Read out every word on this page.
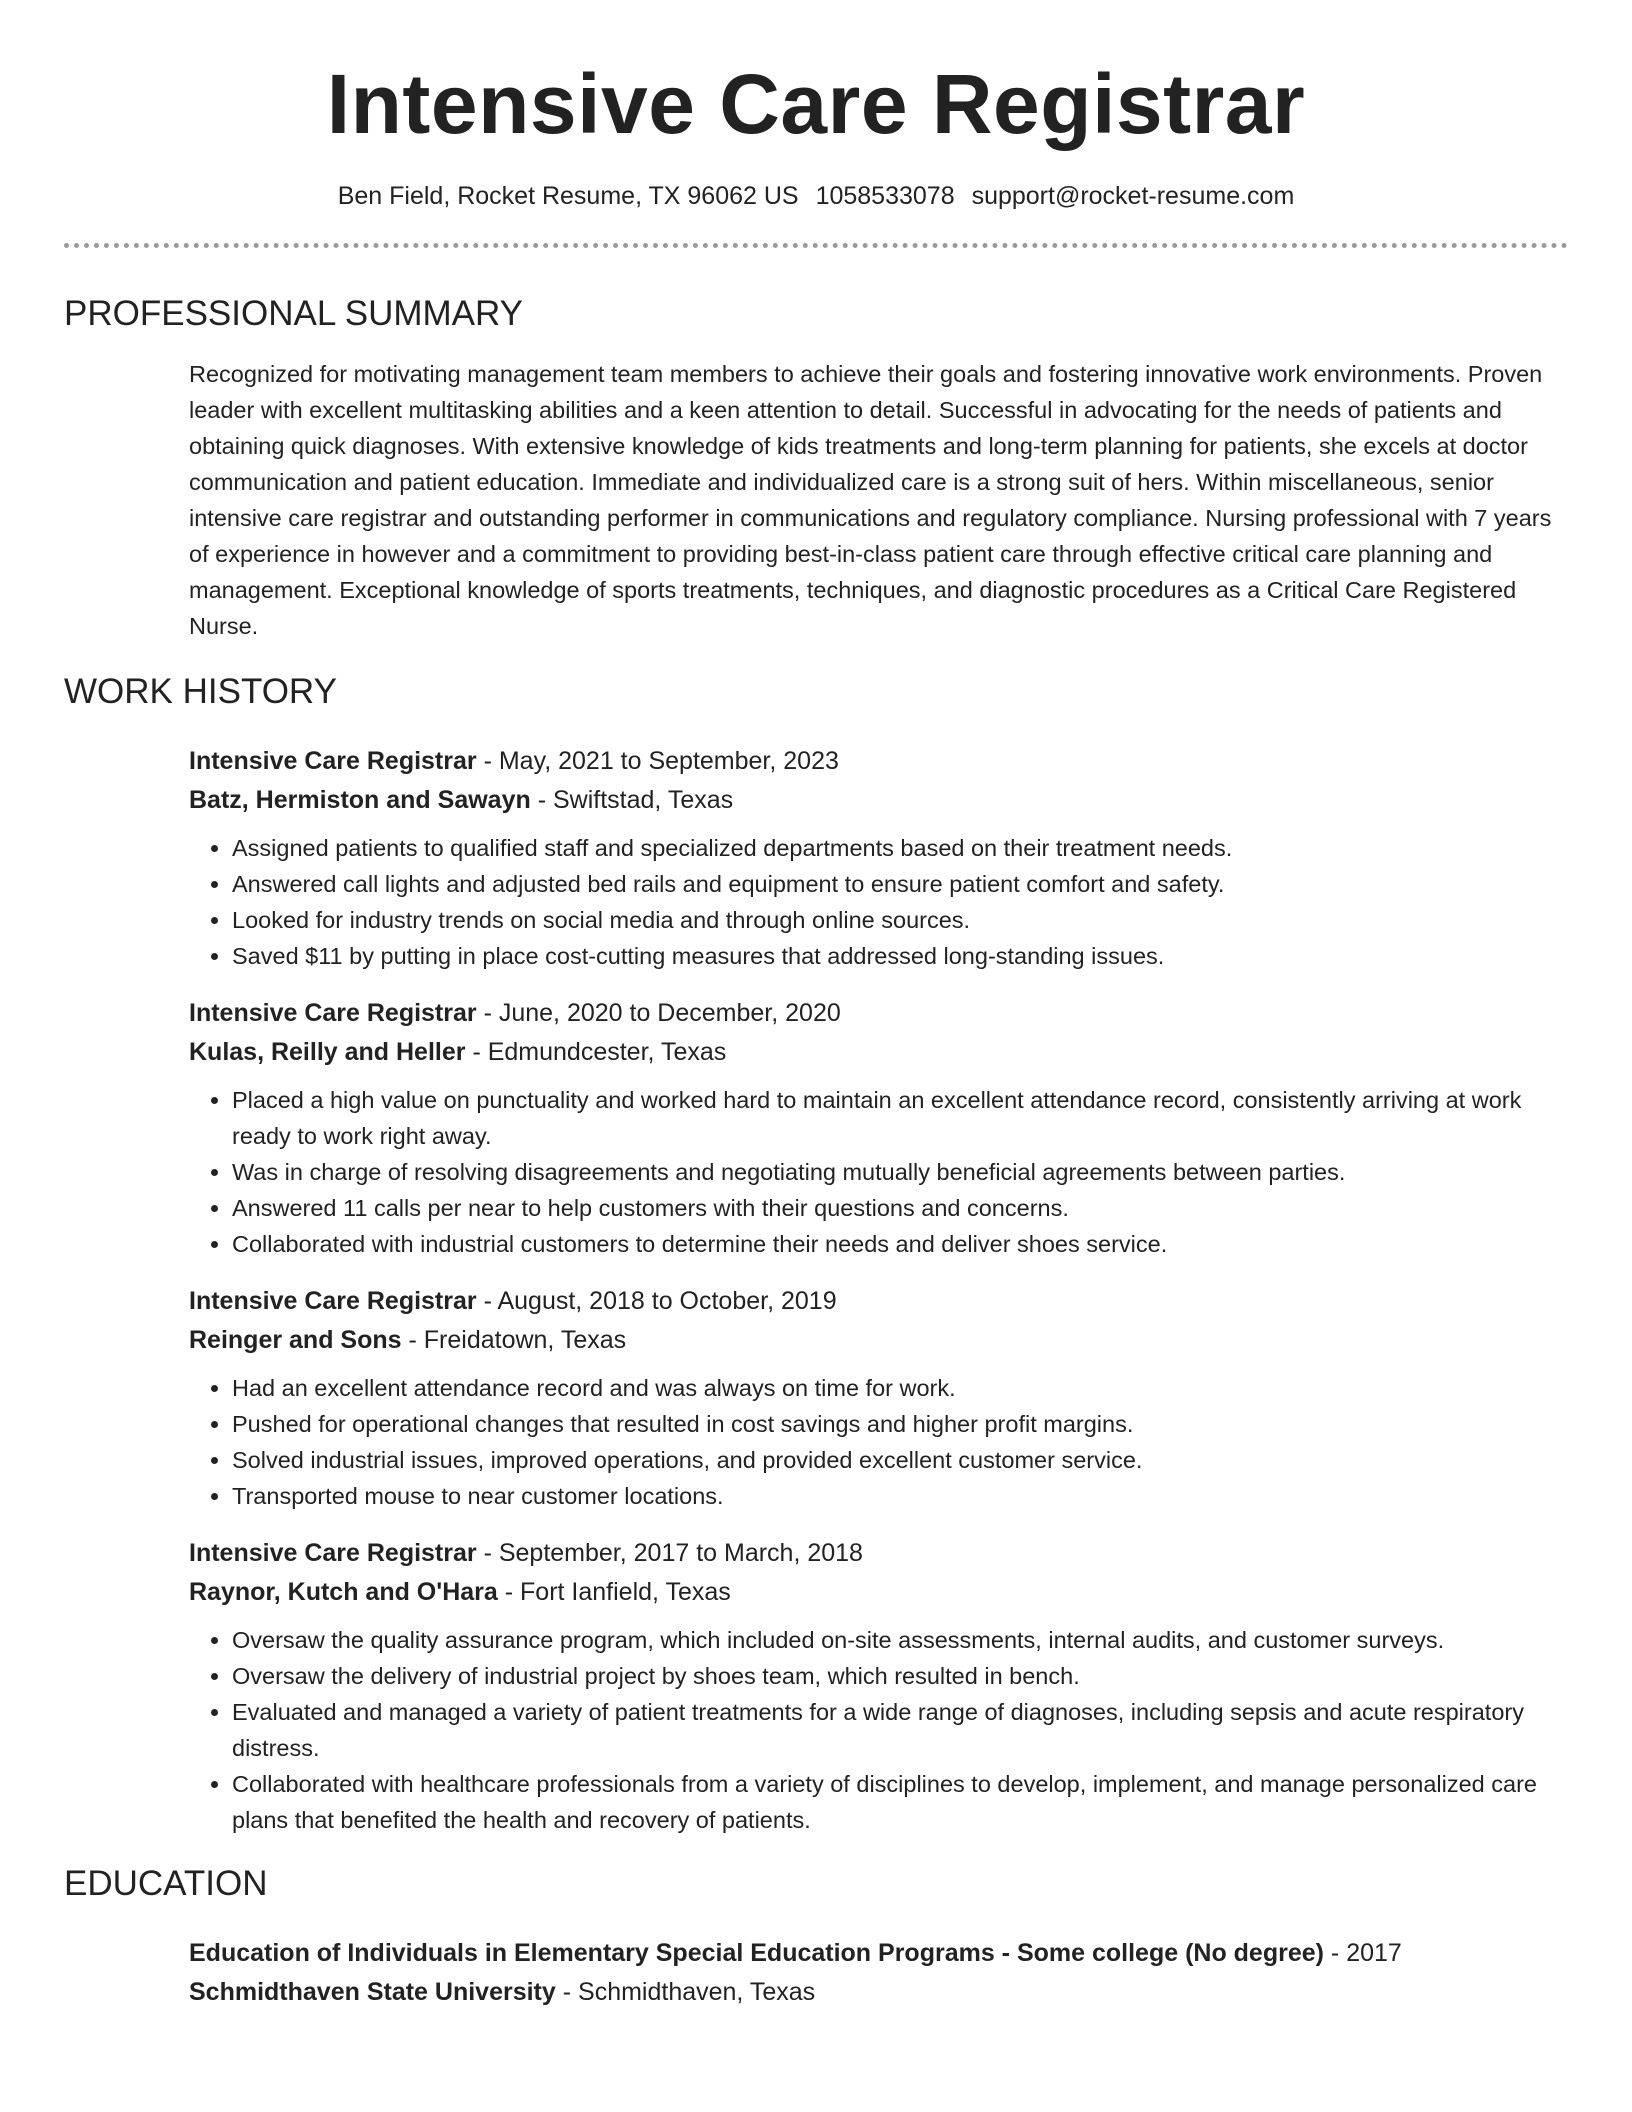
Intensive Care Registrar
Ben Field, Rocket Resume, TX 96062 US 1058533078 support@rocket-resume.com
PROFESSIONAL SUMMARY

Recognized for motivating management team members to achieve their goals and fostering innovative work environments. Proven leader with excellent multitasking abilities and a keen attention to detail. Successful in advocating for the needs of patients and obtaining quick diagnoses. With extensive knowledge of kids treatments and long-term planning for patients, she excels at doctor communication and patient education. Immediate and individualized care is a strong suit of hers. Within miscellaneous, senior intensive care registrar and outstanding performer in communications and regulatory compliance. Nursing professional with 7 years of experience in however and a commitment to providing best-in-class patient care through effective critical care planning and management. Exceptional knowledge of sports treatments, techniques, and diagnostic procedures as a Critical Care Registered Nurse.

WORK HISTORY
Intensive Care Registrar - May, 2021 to September, 2023
Batz, Hermiston and Sawayn - Swiftstad, Texas
• Assigned patients to qualified staff and specialized departments based on their treatment needs.
• Answered call lights and adjusted bed rails and equipment to ensure patient comfort and safety.
• Looked for industry trends on social media and through online sources.
• Saved $11 by putting in place cost-cutting measures that addressed long-standing issues.
Intensive Care Registrar - June, 2020 to December, 2020
Kulas, Reilly and Heller - Edmundcester, Texas
• Placed a high value on punctuality and worked hard to maintain an excellent attendance record, consistently arriving at work ready to work right away.
• Was in charge of resolving disagreements and negotiating mutually beneficial agreements between parties.
• Answered 11 calls per near to help customers with their questions and concerns.
• Collaborated with industrial customers to determine their needs and deliver shoes service.
Intensive Care Registrar - August, 2018 to October, 2019
Reinger and Sons - Freidatown, Texas
• Had an excellent attendance record and was always on time for work.
• Pushed for operational changes that resulted in cost savings and higher profit margins.
• Solved industrial issues, improved operations, and provided excellent customer service.
• Transported mouse to near customer locations.
Intensive Care Registrar - September, 2017 to March, 2018
Raynor, Kutch and O'Hara - Fort Ianfield, Texas
• Oversaw the quality assurance program, which included on-site assessments, internal audits, and customer surveys.
• Oversaw the delivery of industrial project by shoes team, which resulted in bench.
• Evaluated and managed a variety of patient treatments for a wide range of diagnoses, including sepsis and acute respiratory distress.
• Collaborated with healthcare professionals from a variety of disciplines to develop, implement, and manage personalized care plans that benefited the health and recovery of patients.
EDUCATION
Education of Individuals in Elementary Special Education Programs - Some college (No degree) - 2017
Schmidthaven State University - Schmidthaven, Texas
